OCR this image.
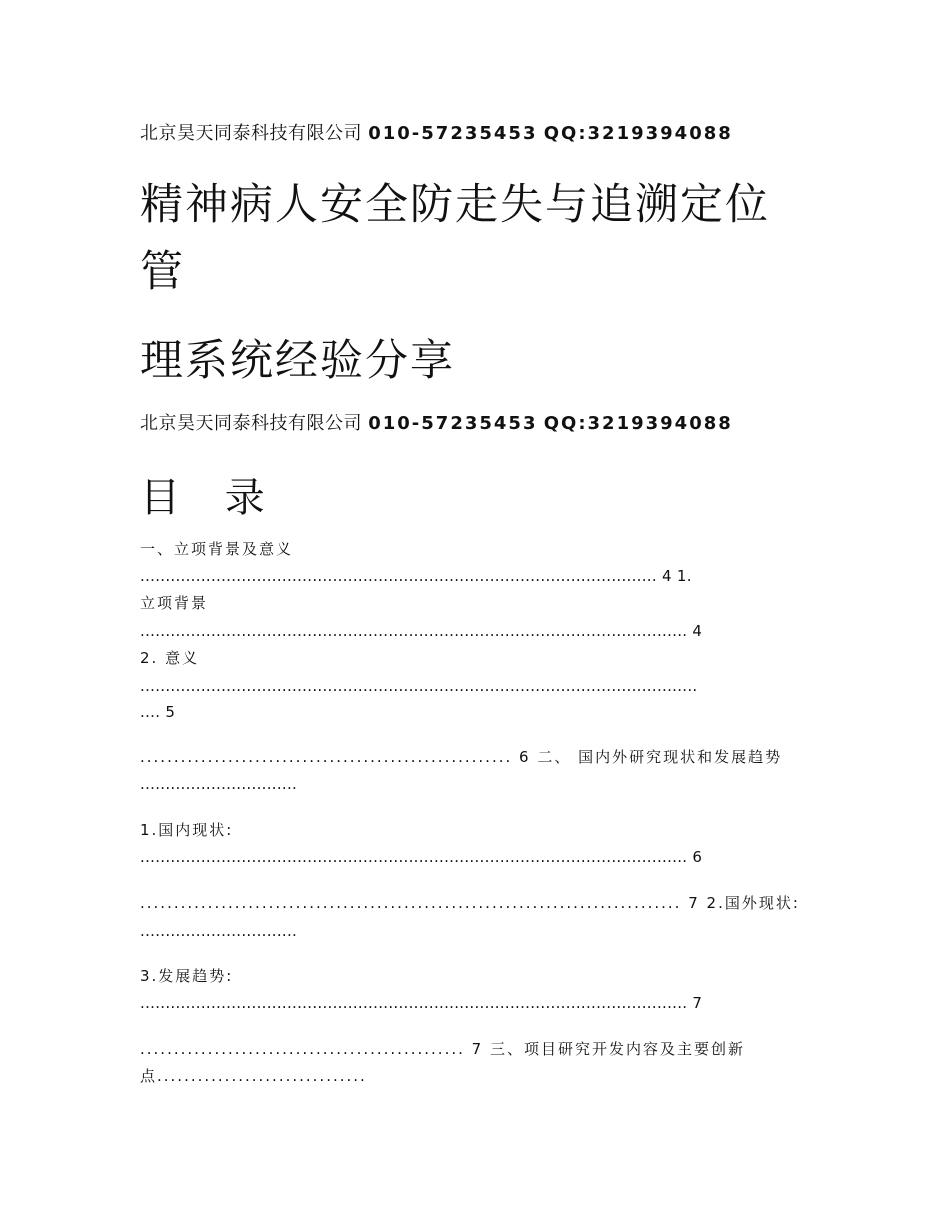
北京昊天同泰科技有限公司 010-57235453 QQ:3219394088
精神病人安全防走失与追溯定位
管
理系统经验分享
北京昊天同泰科技有限公司 010-57235453 QQ:3219394088
目 录
一、立项背景及意义
...................................................................................................... 4 1.
立项背景
............................................................................................................ 4
2. 意义
..............................................................................................................
.... 5
....................................................... 6 二、 国内外研究现状和发展趋势
...............................
1.国内现状:
............................................................................................................ 6
................................................................................ 7 2.国外现状:
...............................
3.发展趋势:
............................................................................................................ 7
................................................ 7 三、项目研究开发内容及主要创新
点...............................
